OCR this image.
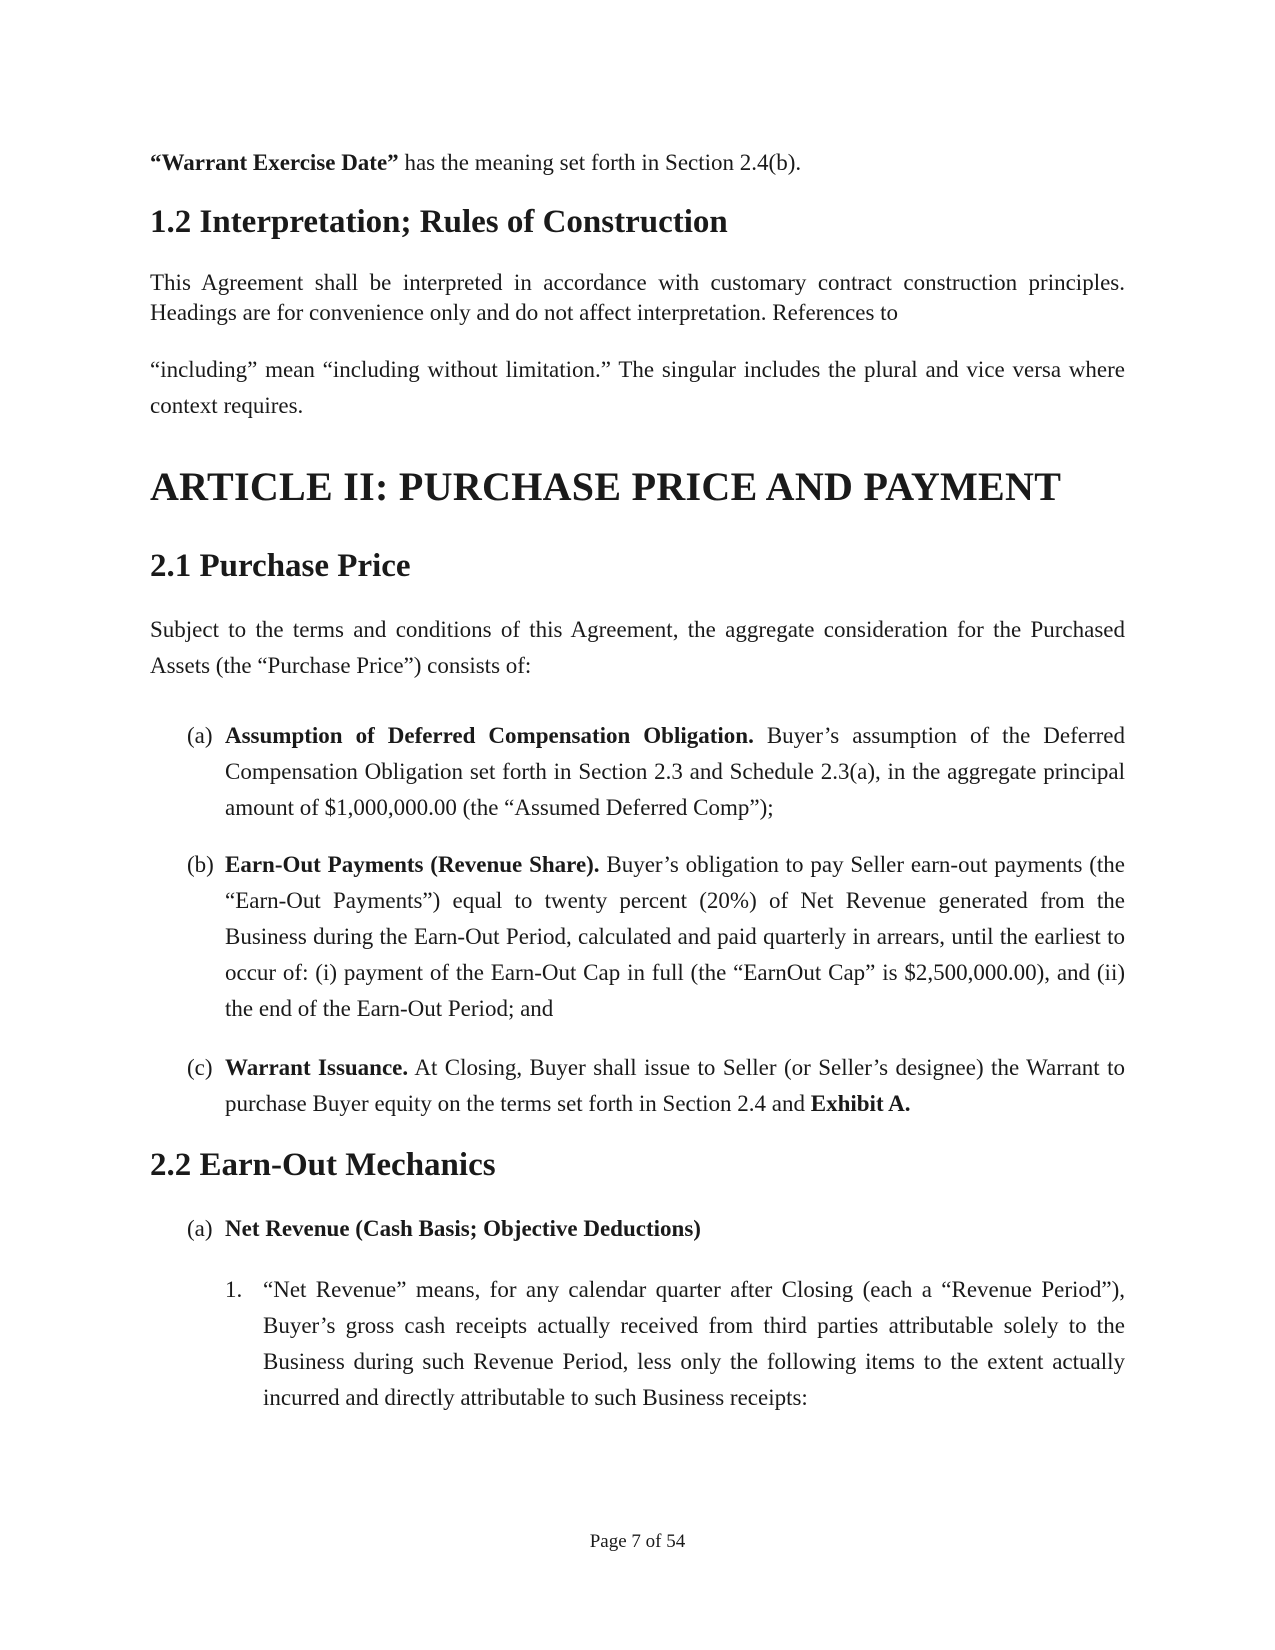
“Warrant Exercise Date” has the meaning set forth in Section 2.4(b).

1.2 Interpretation; Rules of Construction

This Agreement shall be interpreted in accordance with customary contract construction principles. Headings are for convenience only and do not affect interpretation. References to

“including” mean “including without limitation.” The singular includes the plural and vice versa where context requires.

ARTICLE II: PURCHASE PRICE AND PAYMENT
2.1 Purchase Price

Subject to the terms and conditions of this Agreement, the aggregate consideration for the Purchased Assets (the “Purchase Price”) consists of:

(a) Assumption of Deferred Compensation Obligation. Buyer’s assumption of the Deferred Compensation Obligation set forth in Section 2.3 and Schedule 2.3(a), in the aggregate principal amount of $1,000,000.00 (the “Assumed Deferred Comp”);
(b) Earn-Out Payments (Revenue Share). Buyer’s obligation to pay Seller earn-out payments (the “Earn-Out Payments”) equal to twenty percent (20%) of Net Revenue generated from the Business during the Earn-Out Period, calculated and paid quarterly in arrears, until the earliest to occur of: (i) payment of the Earn-Out Cap in full (the “EarnOut Cap” is $2,500,000.00), and (ii) the end of the Earn-Out Period; and
(c) Warrant Issuance. At Closing, Buyer shall issue to Seller (or Seller’s designee) the Warrant to purchase Buyer equity on the terms set forth in Section 2.4 and Exhibit A.
2.2 Earn-Out Mechanics
(a) Net Revenue (Cash Basis; Objective Deductions)
1. “Net Revenue” means, for any calendar quarter after Closing (each a “Revenue Period”), Buyer’s gross cash receipts actually received from third parties attributable solely to the Business during such Revenue Period, less only the following items to the extent actually incurred and directly attributable to such Business receipts:
Page 7 of 54
